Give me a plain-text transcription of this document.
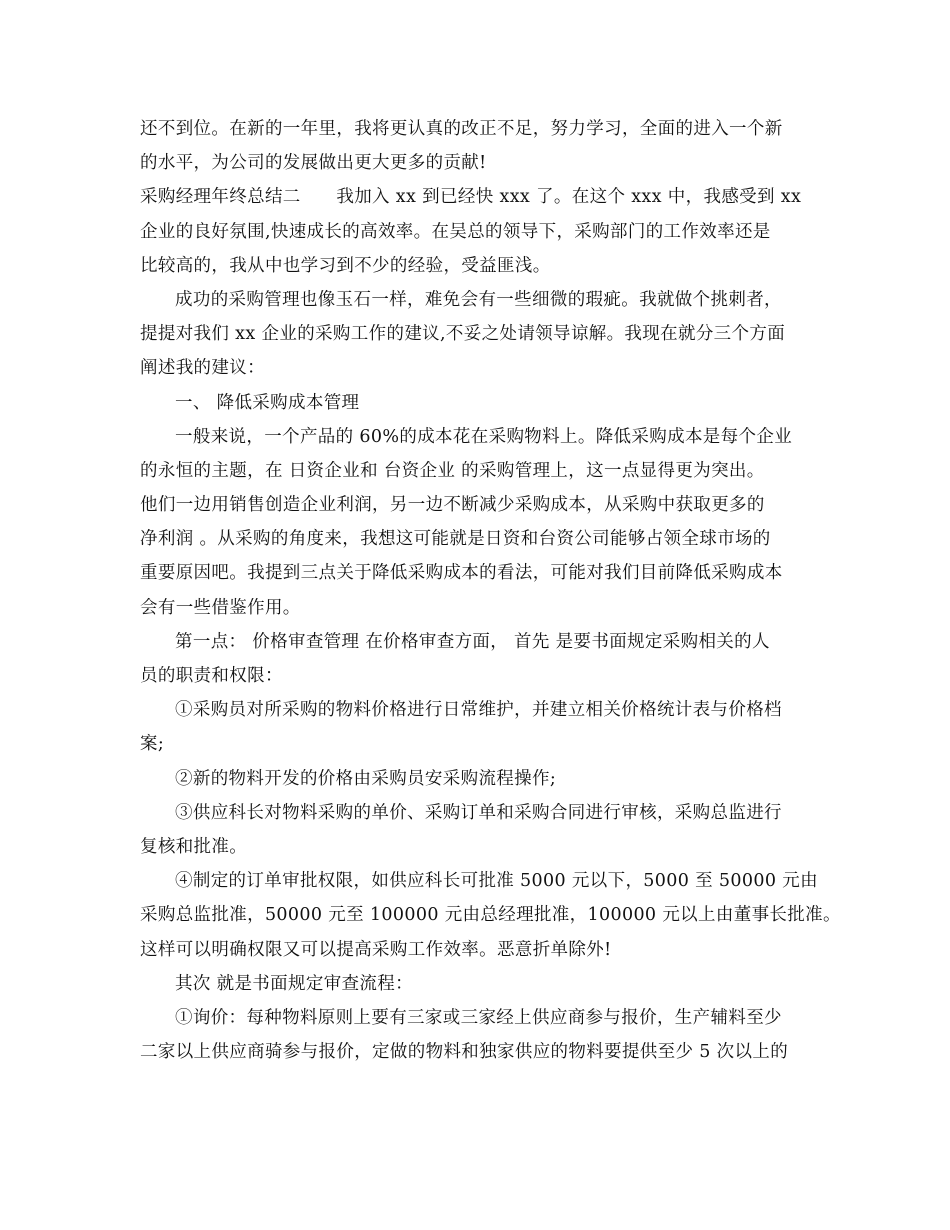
还不到位。在新的一年里，我将更认真的改正不足，努力学习，全面的进入一个新
的水平，为公司的发展做出更大更多的贡献!
采购经理年终总结二　　我加入 xx 到已经快 xxx 了。在这个 xxx 中，我感受到 xx
企业的良好氛围,快速成长的高效率。在吴总的领导下，采购部门的工作效率还是
比较高的，我从中也学习到不少的经验，受益匪浅。
成功的采购管理也像玉石一样，难免会有一些细微的瑕疵。我就做个挑刺者，
提提对我们 xx 企业的采购工作的建议,不妥之处请领导谅解。我现在就分三个方面
阐述我的建议：
一、 降低采购成本管理
一般来说，一个产品的 60%的成本花在采购物料上。降低采购成本是每个企业
的永恒的主题，在 日资企业和 台资企业 的采购管理上，这一点显得更为突出。
他们一边用销售创造企业利润，另一边不断减少采购成本，从采购中获取更多的
净利润 。从采购的角度来，我想这可能就是日资和台资公司能够占领全球市场的
重要原因吧。我提到三点关于降低采购成本的看法，可能对我们目前降低采购成本
会有一些借鉴作用。
第一点： 价格审查管理 在价格审查方面， 首先 是要书面规定采购相关的人
员的职责和权限：
①采购员对所采购的物料价格进行日常维护，并建立相关价格统计表与价格档
案;
②新的物料开发的价格由采购员安采购流程操作;
③供应科长对物料采购的单价、采购订单和采购合同进行审核，采购总监进行
复核和批准。
④制定的订单审批权限，如供应科长可批准 5000 元以下，5000 至 50000 元由
采购总监批准，50000 元至 100000 元由总经理批准，100000 元以上由董事长批准。
这样可以明确权限又可以提高采购工作效率。恶意折单除外!
其次 就是书面规定审查流程：
①询价：每种物料原则上要有三家或三家经上供应商参与报价，生产辅料至少
二家以上供应商骑参与报价，定做的物料和独家供应的物料要提供至少 5 次以上的
